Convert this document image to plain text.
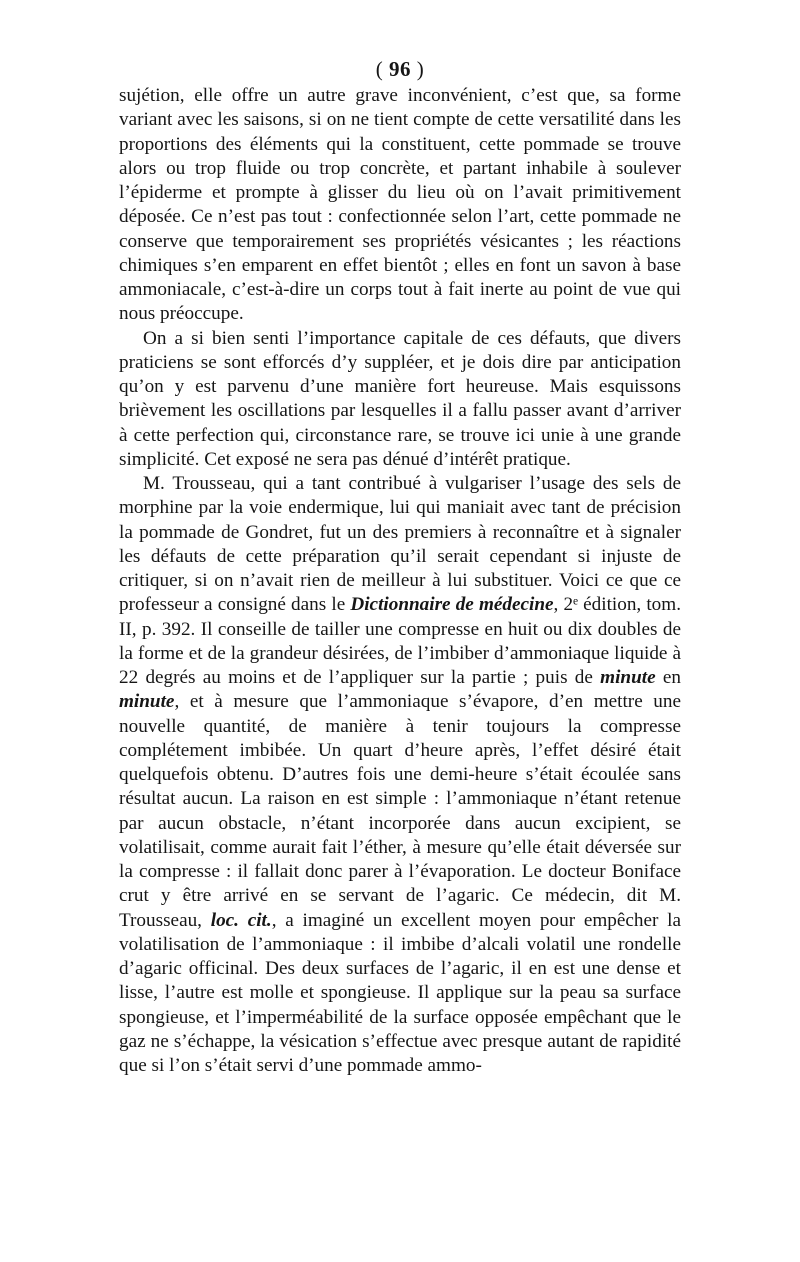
( 96 )

sujétion, elle offre un autre grave inconvénient, c’est que, sa forme variant avec les saisons, si on ne tient compte de cette versatilité dans les proportions des éléments qui la constituent, cette pommade se trouve alors ou trop fluide ou trop concrète, et partant inhabile à soulever l’épiderme et prompte à glisser du lieu où on l’avait primitivement déposée. Ce n’est pas tout : confectionnée selon l’art, cette pommade ne conserve que temporairement ses propriétés vésicantes ; les réactions chimiques s’en emparent en effet bientôt ; elles en font un savon à base ammoniacale, c’est-à-dire un corps tout à fait inerte au point de vue qui nous préoccupe.

On a si bien senti l’importance capitale de ces défauts, que divers praticiens se sont efforcés d’y suppléer, et je dois dire par anticipation qu’on y est parvenu d’une manière fort heureuse. Mais esquissons brièvement les oscillations par lesquelles il a fallu passer avant d’arriver à cette perfection qui, circonstance rare, se trouve ici unie à une grande simplicité. Cet exposé ne sera pas dénué d’intérêt pratique.

M. Trousseau, qui a tant contribué à vulgariser l’usage des sels de morphine par la voie endermique, lui qui maniait avec tant de précision la pommade de Gondret, fut un des premiers à reconnaître et à signaler les défauts de cette préparation qu’il serait cependant si injuste de critiquer, si on n’avait rien de meilleur à lui substituer. Voici ce que ce professeur a consigné dans le Dictionnaire de médecine, 2ᵉ édition, tom. II, p. 392. Il conseille de tailler une compresse en huit ou dix doubles de la forme et de la grandeur désirées, de l’imbiber d’ammoniaque liquide à 22 degrés au moins et de l’appliquer sur la partie ; puis de minute en minute, et à mesure que l’ammoniaque s’évapore, d’en mettre une nouvelle quantité, de manière à tenir toujours la compresse complétement imbibée. Un quart d’heure après, l’effet désiré était quelquefois obtenu. D’autres fois une demi-heure s’était écoulée sans résultat aucun. La raison en est simple : l’ammoniaque n’étant retenue par aucun obstacle, n’étant incorporée dans aucun excipient, se volatilisait, comme aurait fait l’éther, à mesure qu’elle était déversée sur la compresse : il fallait donc parer à l’évaporation. Le docteur Boniface crut y être arrivé en se servant de l’agaric. Ce médecin, dit M. Trousseau, loc. cit., a imaginé un excellent moyen pour empêcher la volatilisation de l’ammoniaque : il imbibe d’alcali volatil une rondelle d’agaric officinal. Des deux surfaces de l’agaric, il en est une dense et lisse, l’autre est molle et spongieuse. Il applique sur la peau sa surface spongieuse, et l’imperméabilité de la surface opposée empêchant que le gaz ne s’échappe, la vésication s’effectue avec presque autant de rapidité que si l’on s’était servi d’une pommade ammo-
